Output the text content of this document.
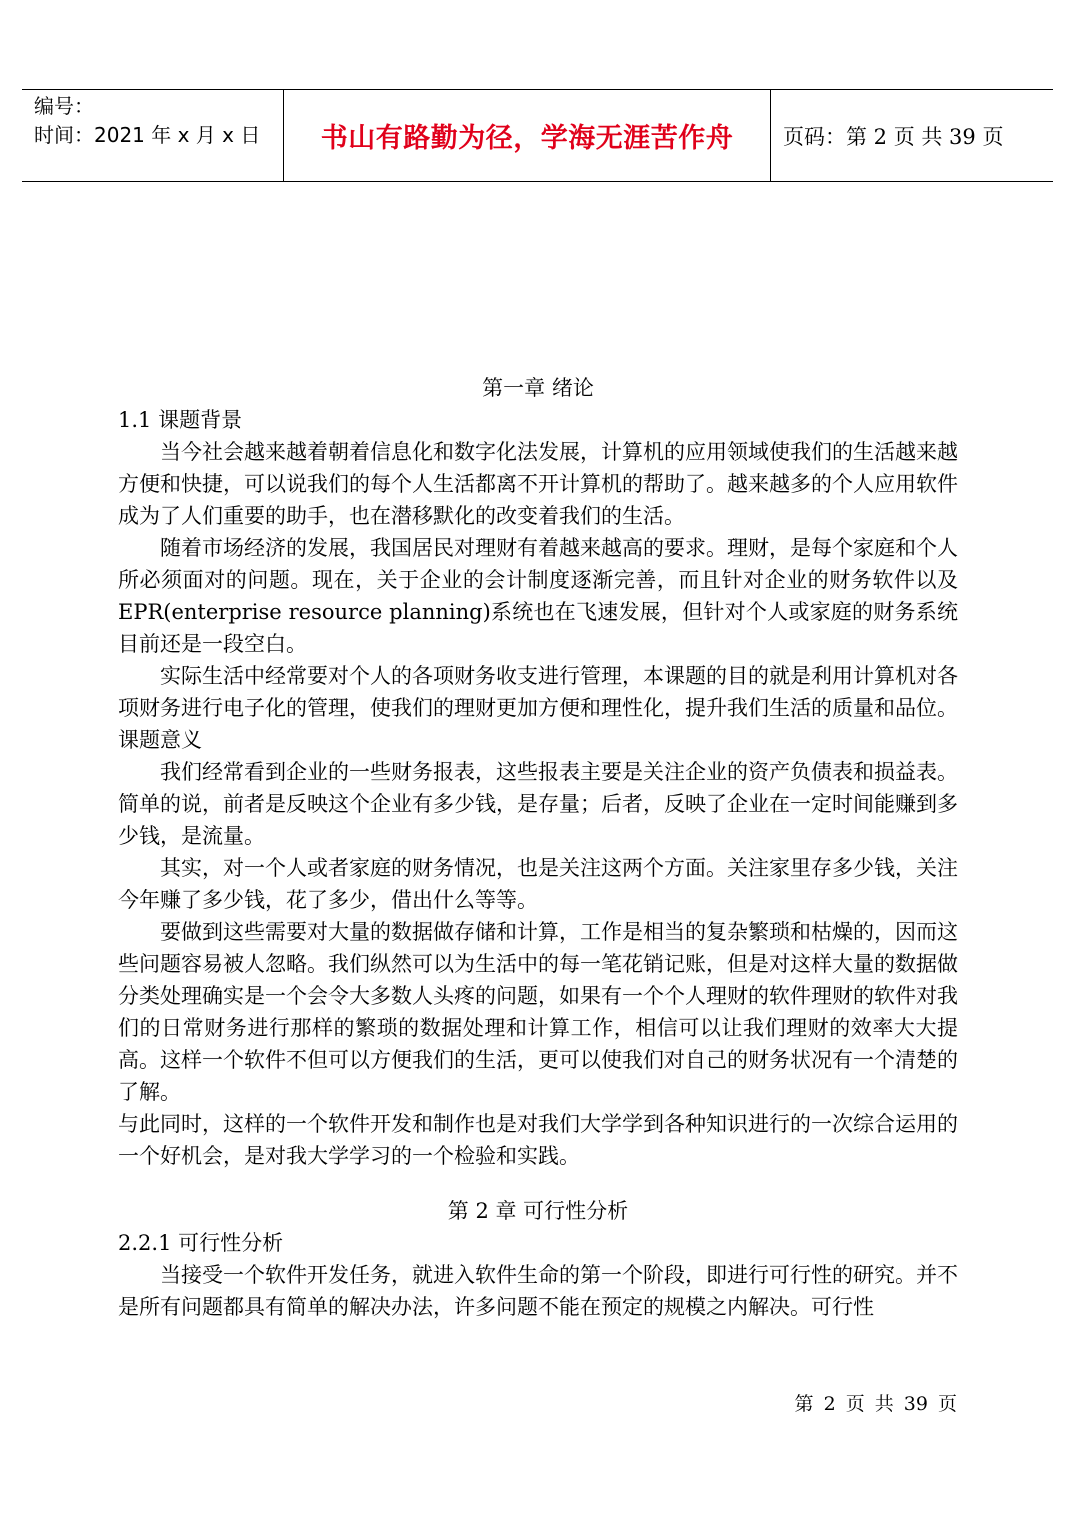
编号：
时间：2021 年 x 月 x 日	书山有路勤为径，学海无涯苦作舟 页码：第 2 页 共 39 页

第一章 绪论

1.1 课题背景

当今社会越来越着朝着信息化和数字化法发展，计算机的应用领域使我们的生活越来越方便和快捷，可以说我们的每个人生活都离不开计算机的帮助了。越来越多的个人应用软件成为了人们重要的助手，也在潜移默化的改变着我们的生活。

随着市场经济的发展，我国居民对理财有着越来越高的要求。理财，是每个家庭和个人所必须面对的问题。现在，关于企业的会计制度逐渐完善，而且针对企业的财务软件以及 EPR(enterprise resource planning)系统也在飞速发展，但针对个人或家庭的财务系统目前还是一段空白。

实际生活中经常要对个人的各项财务收支进行管理，本课题的目的就是利用计算机对各项财务进行电子化的管理，使我们的理财更加方便和理性化，提升我们生活的质量和品位。

课题意义

我们经常看到企业的一些财务报表，这些报表主要是关注企业的资产负债表和损益表。简单的说，前者是反映这个企业有多少钱，是存量；后者，反映了企业在一定时间能赚到多少钱，是流量。

其实，对一个人或者家庭的财务情况，也是关注这两个方面。关注家里存多少钱，关注今年赚了多少钱，花了多少，借出什么等等。

要做到这些需要对大量的数据做存储和计算，工作是相当的复杂繁琐和枯燥的，因而这些问题容易被人忽略。我们纵然可以为生活中的每一笔花销记账，但是对这样大量的数据做分类处理确实是一个会令大多数人头疼的问题，如果有一个个人理财的软件理财的软件对我们的日常财务进行那样的繁琐的数据处理和计算工作，相信可以让我们理财的效率大大提高。这样一个软件不但可以方便我们的生活，更可以使我们对自己的财务状况有一个清楚的了解。

与此同时，这样的一个软件开发和制作也是对我们大学学到各种知识进行的一次综合运用的一个好机会，是对我大学学习的一个检验和实践。

第 2 章 可行性分析

2.2.1 可行性分析

当接受一个软件开发任务，就进入软件生命的第一个阶段，即进行可行性的研究。并不是所有问题都具有简单的解决办法，许多问题不能在预定的规模之内解决。可行性

第 2 页 共 39 页
